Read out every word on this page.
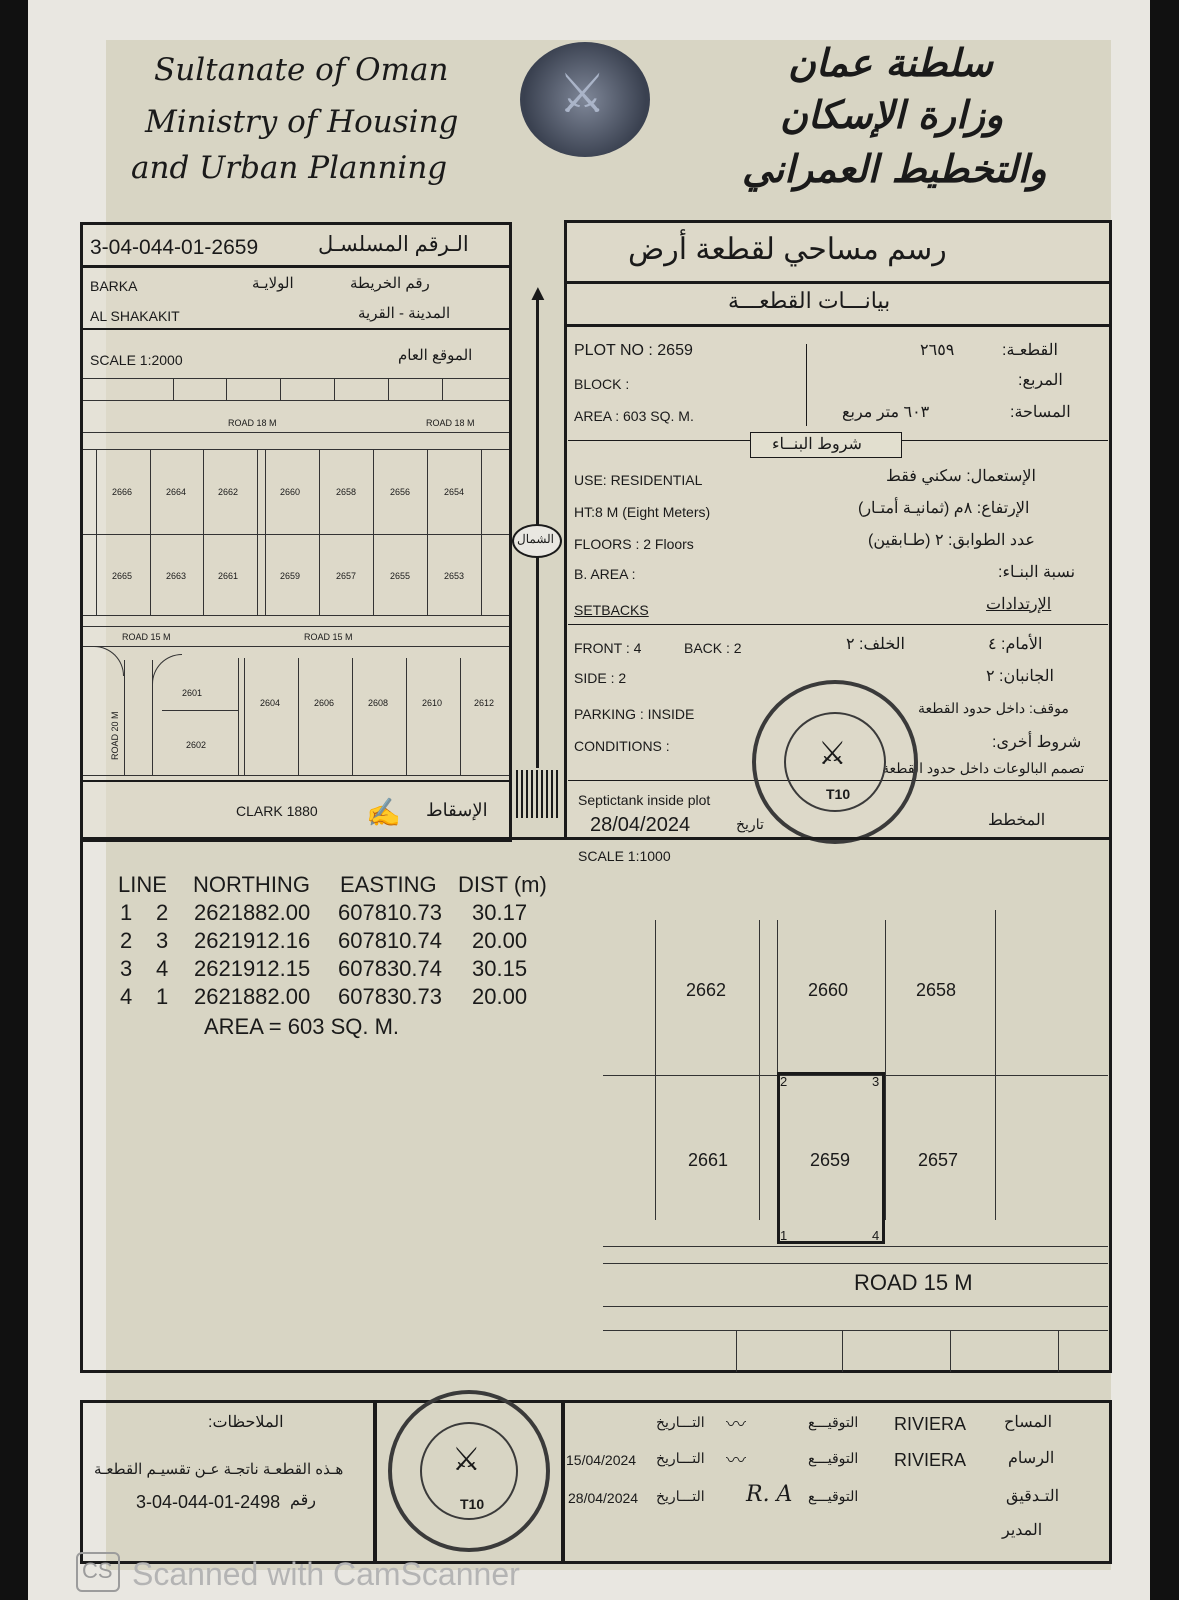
Sultanate of Oman
Ministry of Housing
and Urban Planning
⚔
سلطنة عمان
وزارة الإسكان
والتخطيط العمراني
3-04-044-01-2659	الـرقم المسلسـل
BARKA	رقم الخريطة
الولايـة
AL SHAKAKIT	المدينة - القرية
SCALE 1:2000	الموقع العام
ROAD 18 M	ROAD 18 M
2666	2664	2662	2660	2658	2656	2654
2665	2663	2661	2659	2657	2655	2653
ROAD 15 M	ROAD 15 M
ROAD 20 M
2601
2602
2604	2606	2608	2610	2612
CLARK 1880 ✍ الإسقاط
▲
الشمال
رسم مساحي لقطعة أرض
بيانـــات القطعـــة
PLOT NO : 2659	٢٦٥٩	القطعـة:
BLOCK :	المربع:
AREA : 603 SQ. M.	٦٠٣ متر مربع	المساحة:
شروط البنــاء
USE: RESIDENTIAL	الإستعمال: سكني فقط
HT:8 M (Eight Meters)	الإرتفاع: ٨م (ثمانيـة أمتـار)
FLOORS : 2 Floors	عدد الطوابق: ٢ (طـابقين)
B. AREA :	نسبة البنـاء:
SETBACKS	الإرتدادات
FRONT : 4	BACK : 2	الخلف: ٢	الأمام: ٤
SIDE : 2	الجانبان: ٢
PARKING : INSIDE	موقف: داخل حدود القطعة
CONDITIONS :	شروط أخرى:
تصمم البالوعات داخل حدود القطعة
Septictank inside plot
28/04/2024	تاريخ	المخطط
⚔
T10
SCALE 1:1000
LINE NORTHING EASTING DIST (m)
1 2 2621882.00 607810.73 30.17
2 3 2621912.16 607810.74 20.00
3 4 2621912.15 607830.74 30.15
4 1 2621882.00 607830.73 20.00
AREA = 603 SQ. M.
2	3
1	4
2662	2660	2658
2661	2659	2657
ROAD 15 M
الملاحظات:
هـذه القطعـة ناتجـة عـن تقسيـم القطعـة
3-04-044-01-2498 رقم
⚔
T10
التـــاريخ 〰	التوقيـــع RIVIERA المساح
15/04/2024 التـــاريخ 〰	التوقيـــع RIVIERA	الرسام
28/04/2024 التـــاريخ R. A التوقيـــع	التـدقيق
المدير
CS Scanned with CamScanner
